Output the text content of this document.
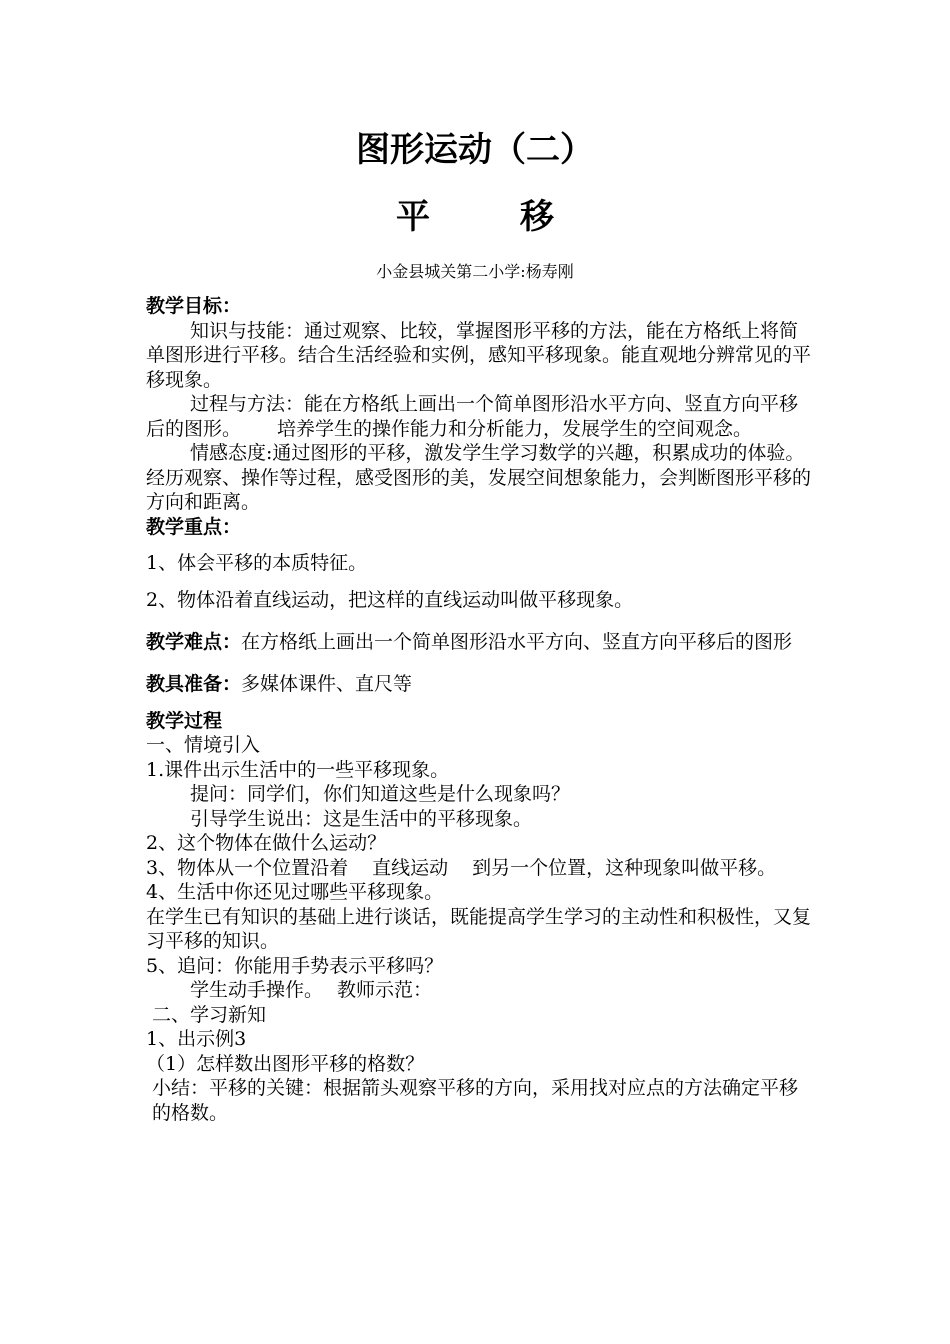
图形运动（二）
平	移
小金县城关第二小学:杨寿刚

教学目标：

知识与技能：通过观察、比较，掌握图形平移的方法，能在方格纸上将简单图形进行平移。结合生活经验和实例，感知平移现象。能直观地分辨常见的平移现象。

过程与方法：能在方格纸上画出一个简单图形沿水平方向、竖直方向平移后的图形。 培养学生的操作能力和分析能力，发展学生的空间观念。

情感态度:通过图形的平移，激发学生学习数学的兴趣，积累成功的体验。经历观察、操作等过程，感受图形的美，发展空间想象能力，会判断图形平移的方向和距离。

教学重点：

1、体会平移的本质特征。

2、物体沿着直线运动，把这样的直线运动叫做平移现象。

教学难点：在方格纸上画出一个简单图形沿水平方向、竖直方向平移后的图形

教具准备：多媒体课件、直尺等

教学过程

一、情境引入

1.课件出示生活中的一些平移现象。

提问：同学们，你们知道这些是什么现象吗？

引导学生说出：这是生活中的平移现象。

2、这个物体在做什么运动？

3、物体从一个位置沿着 直线运动 到另一个位置，这种现象叫做平移。

4、生活中你还见过哪些平移现象。

在学生已有知识的基础上进行谈话，既能提高学生学习的主动性和积极性，又复习平移的知识。

5、追问：你能用手势表示平移吗？

学生动手操作。 教师示范：

二、学习新知

1、出示例3

（1）怎样数出图形平移的格数？

小结：平移的关键：根据箭头观察平移的方向，采用找对应点的方法确定平移的格数。
